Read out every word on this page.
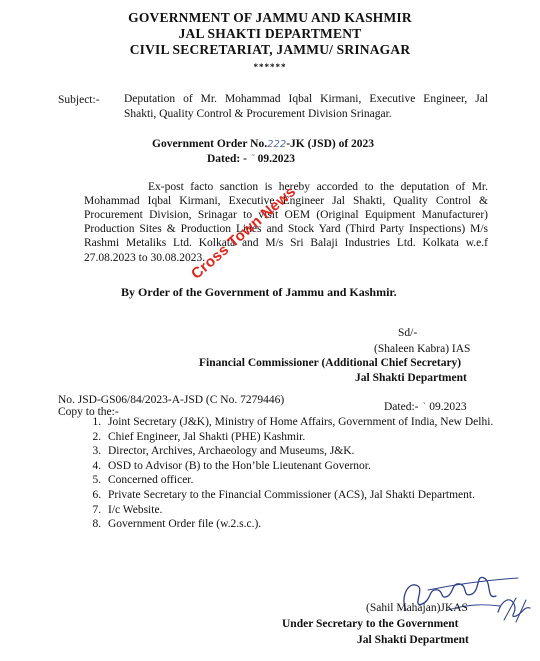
GOVERNMENT OF JAMMU AND KASHMIR
JAL SHAKTI DEPARTMENT
CIVIL SECRETARIAT, JAMMU/ SRINAGAR
******
Subject:- Deputation of Mr. Mohammad Iqbal Kirmani, Executive Engineer, Jal
Shakti, Quality Control & Procurement Division Srinagar.
Government Order No.222-JK (JSD) of 2023
Dated: - ˜ 09.2023
Ex-post facto sanction is hereby accorded to the deputation of Mr.
Mohammad Iqbal Kirmani, Executive Engineer Jal Shakti, Quality Control &
Procurement Division, Srinagar to visit OEM (Original Equipment Manufacturer)
Production Sites & Production Lines and Stock Yard (Third Party Inspections) M/s
Rashmi Metaliks Ltd. Kolkata and M/s Sri Balaji Industries Ltd. Kolkata w.e.f
27.08.2023 to 30.08.2023.
By Order of the Government of Jammu and Kashmir.
Cross Town News
Sd/-
(Shaleen Kabra) IAS
Financial Commissioner (Additional Chief Secretary)
Jal Shakti Department
No. JSD-GS06/84/2023-A-JSD (C No. 7279446)
Dated:- ` 09.2023
Copy to the:-
1. Joint Secretary (J&K), Ministry of Home Affairs, Government of India, New Delhi.
2. Chief Engineer, Jal Shakti (PHE) Kashmir.
3. Director, Archives, Archaeology and Museums, J&K.
4. OSD to Advisor (B) to the Hon’ble Lieutenant Governor.
5. Concerned officer.
6. Private Secretary to the Financial Commissioner (ACS), Jal Shakti Department.
7. I/c Website.
8. Government Order file (w.2.s.c.).
(Sahil Mahajan)JKAS
Under Secretary to the Government
Jal Shakti Department
